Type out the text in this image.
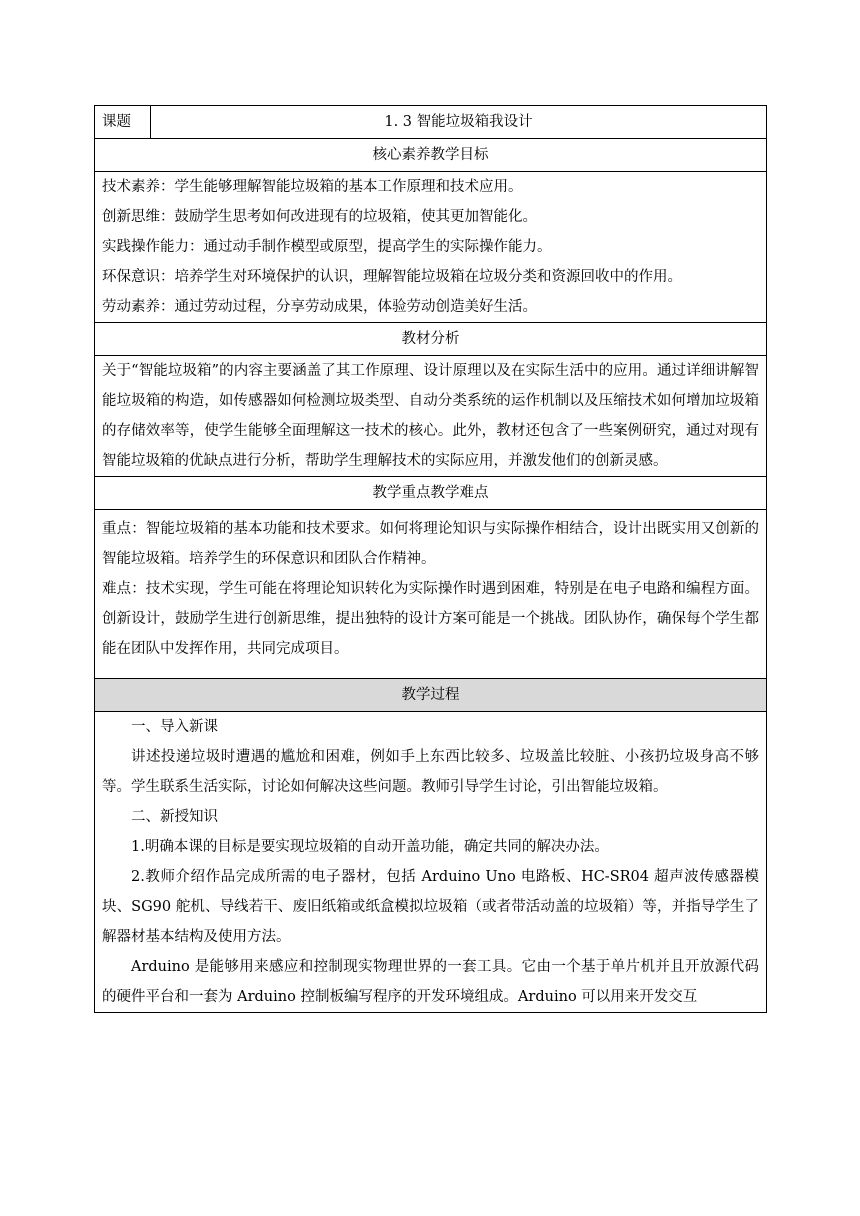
课题	1. 3 智能垃圾箱我设计
核心素养教学目标

技术素养：学生能够理解智能垃圾箱的基本工作原理和技术应用。

创新思维：鼓励学生思考如何改进现有的垃圾箱，使其更加智能化。

实践操作能力：通过动手制作模型或原型，提高学生的实际操作能力。

环保意识：培养学生对环境保护的认识，理解智能垃圾箱在垃圾分类和资源回收中的作用。

劳动素养：通过劳动过程，分享劳动成果，体验劳动创造美好生活。

教材分析

关于“智能垃圾箱”的内容主要涵盖了其工作原理、设计原理以及在实际生活中的应用。通过详细讲解智能垃圾箱的构造，如传感器如何检测垃圾类型、自动分类系统的运作机制以及压缩技术如何增加垃圾箱的存储效率等，使学生能够全面理解这一技术的核心。此外，教材还包含了一些案例研究，通过对现有智能垃圾箱的优缺点进行分析，帮助学生理解技术的实际应用，并激发他们的创新灵感。

教学重点教学难点

重点：智能垃圾箱的基本功能和技术要求。如何将理论知识与实际操作相结合，设计出既实用又创新的智能垃圾箱。培养学生的环保意识和团队合作精神。

难点：技术实现，学生可能在将理论知识转化为实际操作时遇到困难，特别是在电子电路和编程方面。创新设计，鼓励学生进行创新思维，提出独特的设计方案可能是一个挑战。团队协作，确保每个学生都能在团队中发挥作用，共同完成项目。

教学过程

一、导入新课

讲述投递垃圾时遭遇的尴尬和困难，例如手上东西比较多、垃圾盖比较脏、小孩扔垃圾身高不够等。学生联系生活实际，讨论如何解决这些问题。教师引导学生讨论，引出智能垃圾箱。

二、新授知识

1.明确本课的目标是要实现垃圾箱的自动开盖功能，确定共同的解决办法。

2.教师介绍作品完成所需的电子器材，包括 Arduino Uno 电路板、HC-SR04 超声波传感器模块、SG90 舵机、导线若干、废旧纸箱或纸盒模拟垃圾箱（或者带活动盖的垃圾箱）等，并指导学生了解器材基本结构及使用方法。

Arduino 是能够用来感应和控制现实物理世界的一套工具。它由一个基于单片机并且开放源代码的硬件平台和一套为 Arduino 控制板编写程序的开发环境组成。Arduino 可以用来开发交互
